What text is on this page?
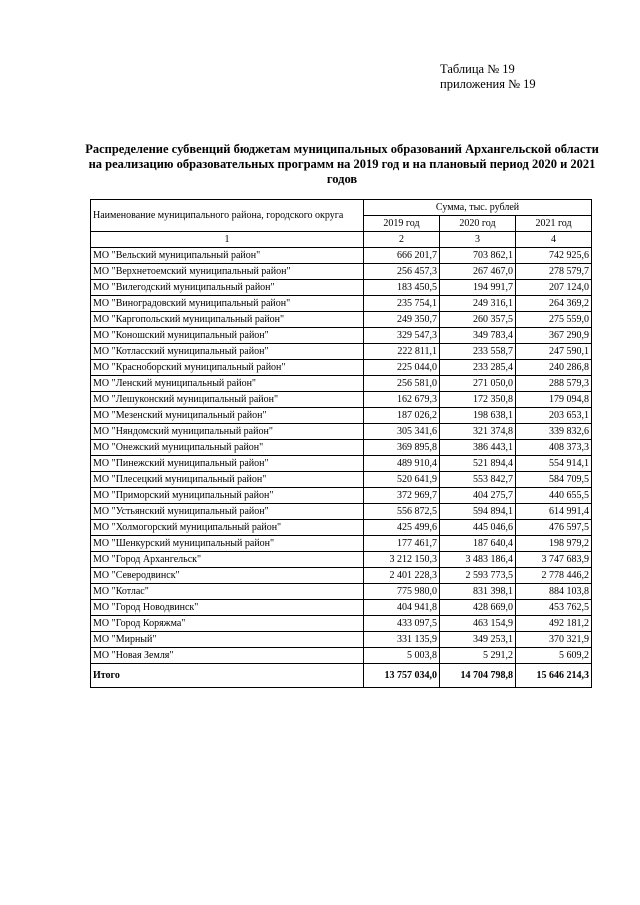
Таблица № 19
приложения № 19
Распределение субвенций бюджетам муниципальных образований Архангельской области на реализацию образовательных программ на 2019 год и на плановый период 2020 и 2021 годов
Наименование муниципального района, городского округа	Сумма, тыс. рублей		
	2019 год	2020 год	2021 год
1	2	3	4
МО "Вельский муниципальный район"	666 201,7	703 862,1	742 925,6
МО "Верхнетоемский муниципальный район"	256 457,3	267 467,0	278 579,7
МО "Вилегодский муниципальный район"	183 450,5	194 991,7	207 124,0
МО "Виноградовский муниципальный район"	235 754,1	249 316,1	264 369,2
МО "Каргопольский муниципальный район"	249 350,7	260 357,5	275 559,0
МО "Коношский муниципальный район"	329 547,3	349 783,4	367 290,9
МО "Котласский муниципальный район"	222 811,1	233 558,7	247 590,1
МО "Красноборский муниципальный район"	225 044,0	233 285,4	240 286,8
МО "Ленский муниципальный район"	256 581,0	271 050,0	288 579,3
МО "Лешуконский муниципальный район"	162 679,3	172 350,8	179 094,8
МО "Мезенский муниципальный район"	187 026,2	198 638,1	203 653,1
МО "Няндомский муниципальный район"	305 341,6	321 374,8	339 832,6
МО "Онежский муниципальный район"	369 895,8	386 443,1	408 373,3
МО "Пинежский муниципальный район"	489 910,4	521 894,4	554 914,1
МО "Плесецкий муниципальный район"	520 641,9	553 842,7	584 709,5
МО "Приморский муниципальный район"	372 969,7	404 275,7	440 655,5
МО "Устьянский муниципальный район"	556 872,5	594 894,1	614 991,4
МО "Холмогорский муниципальный район"	425 499,6	445 046,6	476 597,5
МО "Шенкурский муниципальный район"	177 461,7	187 640,4	198 979,2
МО "Город Архангельск"	3 212 150,3	3 483 186,4	3 747 683,9
МО "Северодвинск"	2 401 228,3	2 593 773,5	2 778 446,2
МО "Котлас"	775 980,0	831 398,1	884 103,8
МО "Город Новодвинск"	404 941,8	428 669,0	453 762,5
МО "Город Коряжма"	433 097,5	463 154,9	492 181,2
МО "Мирный"	331 135,9	349 253,1	370 321,9
МО "Новая Земля"	5 003,8	5 291,2	5 609,2
Итого	13 757 034,0	14 704 798,8	15 646 214,3
